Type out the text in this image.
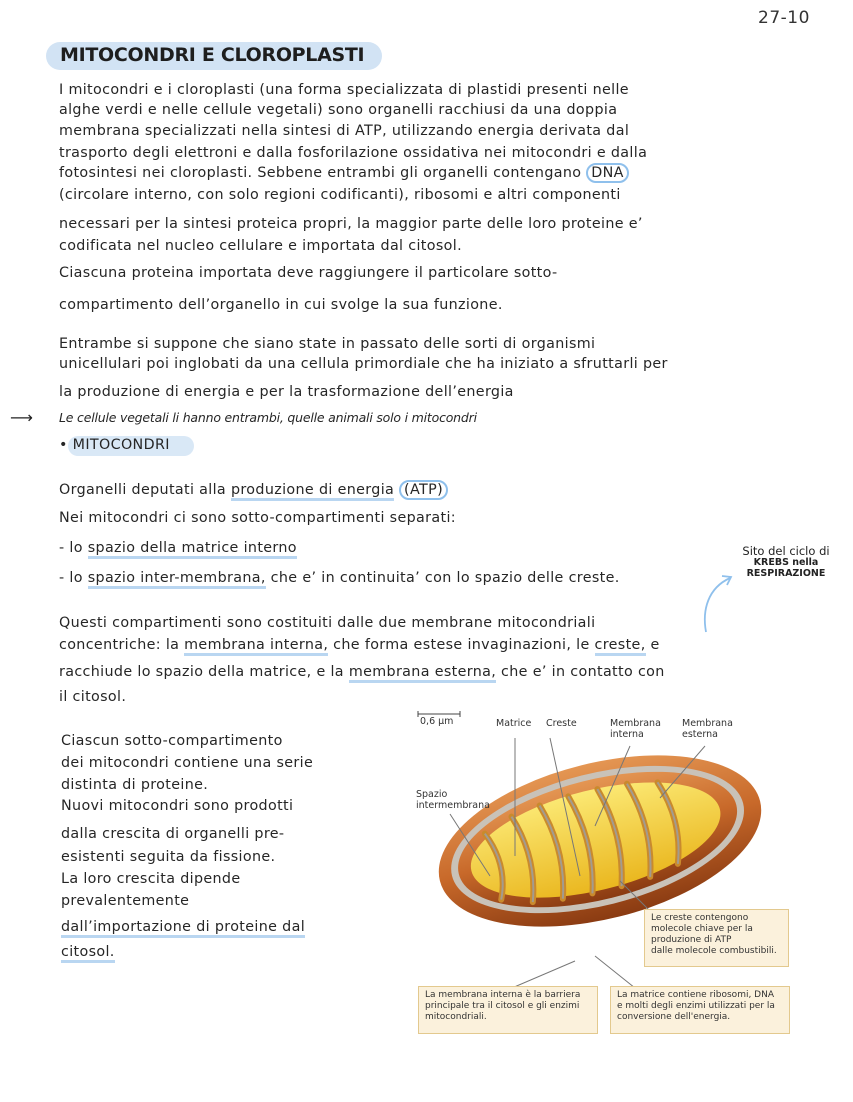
27-10
MITOCONDRI E CLOROPLASTI
I mitocondri e i cloroplasti (una forma specializzata di plastidi presenti nelle
alghe verdi e nelle cellule vegetali) sono organelli racchiusi da una doppia
membrana specializzati nella sintesi di ATP, utilizzando energia derivata dal
trasporto degli elettroni e dalla fosforilazione ossidativa nei mitocondri e dalla
fotosintesi nei cloroplasti. Sebbene entrambi gli organelli contengano DNA
(circolare interno, con solo regioni codificanti), ribosomi e altri componenti
necessari per la sintesi proteica propri, la maggior parte delle loro proteine e’
codificata nel nucleo cellulare e importata dal citosol.
Ciascuna proteina importata deve raggiungere il particolare sotto-
compartimento dell’organello in cui svolge la sua funzione.
Entrambe si suppone che siano state in passato delle sorti di organismi
unicellulari poi inglobati da una cellula primordiale che ha iniziato a sfruttarli per
la produzione di energia e per la trasformazione dell’energia
⟶ Le cellule vegetali li hanno entrambi, quelle animali solo i mitocondri
• MITOCONDRI
Organelli deputati alla produzione di energia (ATP)
Nei mitocondri ci sono sotto-compartimenti separati:
- lo spazio della matrice interno
- lo spazio inter-membrana, che e’ in continuita’ con lo spazio delle creste.
Sito del ciclo di
KREBS nella
RESPIRAZIONE
Questi compartimenti sono costituiti dalle due membrane mitocondriali
concentriche: la membrana interna, che forma estese invaginazioni, le creste, e
racchiude lo spazio della matrice, e la membrana esterna, che e’ in contatto con
il citosol.
Ciascun sotto-compartimento
dei mitocondri contiene una serie
distinta di proteine.
Nuovi mitocondri sono prodotti
dalla crescita di organelli pre-
esistenti seguita da fissione.
La loro crescita dipende
prevalentemente
dall’importazione di proteine dal
citosol.
0,6 µm	Matrice Creste	Membrana
interna
Membrana
esterna
Spazio
intermembrana
Le creste contengono
molecole chiave per la
produzione di ATP
dalle molecole combustibili.
La membrana interna è la barriera
principale tra il citosol e gli enzimi
mitocondriali.
La matrice contiene ribosomi, DNA
e molti degli enzimi utilizzati per la
conversione dell'energia.
